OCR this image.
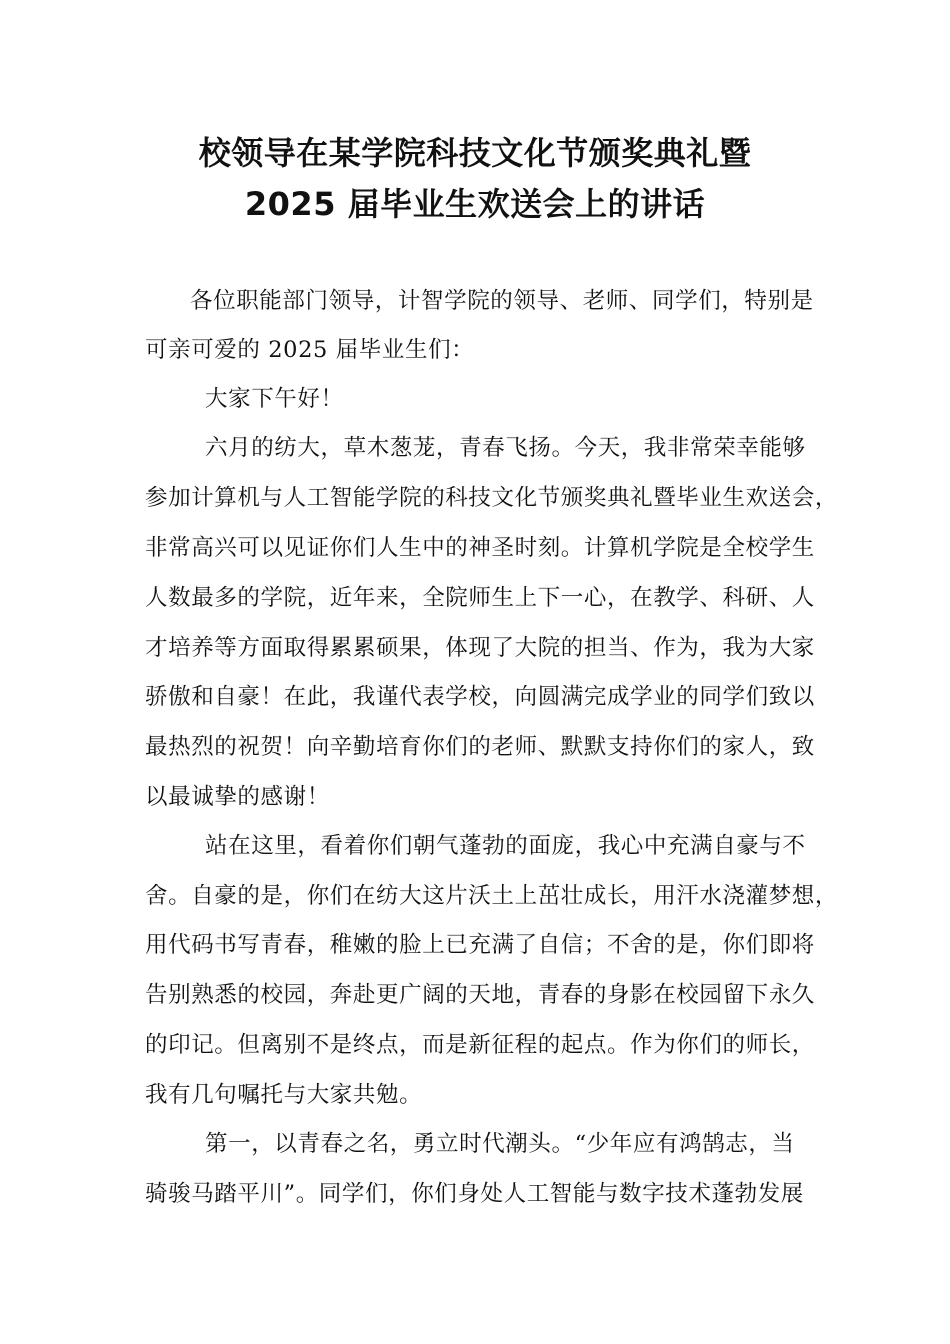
校领导在某学院科技文化节颁奖典礼暨
2025 届毕业生欢送会上的讲话
各位职能部门领导，计智学院的领导、老师、同学们，特别是
可亲可爱的 2025 届毕业生们：
大家下午好！
六月的纺大，草木葱茏，青春飞扬。今天，我非常荣幸能够
参加计算机与人工智能学院的科技文化节颁奖典礼暨毕业生欢送会，
非常高兴可以见证你们人生中的神圣时刻。计算机学院是全校学生
人数最多的学院，近年来，全院师生上下一心，在教学、科研、人
才培养等方面取得累累硕果，体现了大院的担当、作为，我为大家
骄傲和自豪！在此，我谨代表学校，向圆满完成学业的同学们致以
最热烈的祝贺！向辛勤培育你们的老师、默默支持你们的家人，致
以最诚挚的感谢！
站在这里，看着你们朝气蓬勃的面庞，我心中充满自豪与不
舍。自豪的是，你们在纺大这片沃土上茁壮成长，用汗水浇灌梦想，
用代码书写青春，稚嫩的脸上已充满了自信；不舍的是，你们即将
告别熟悉的校园，奔赴更广阔的天地，青春的身影在校园留下永久
的印记。但离别不是终点，而是新征程的起点。作为你们的师长，
我有几句嘱托与大家共勉。
第一，以青春之名，勇立时代潮头。“少年应有鸿鹄志，当
骑骏马踏平川”。同学们，你们身处人工智能与数字技术蓬勃发展
